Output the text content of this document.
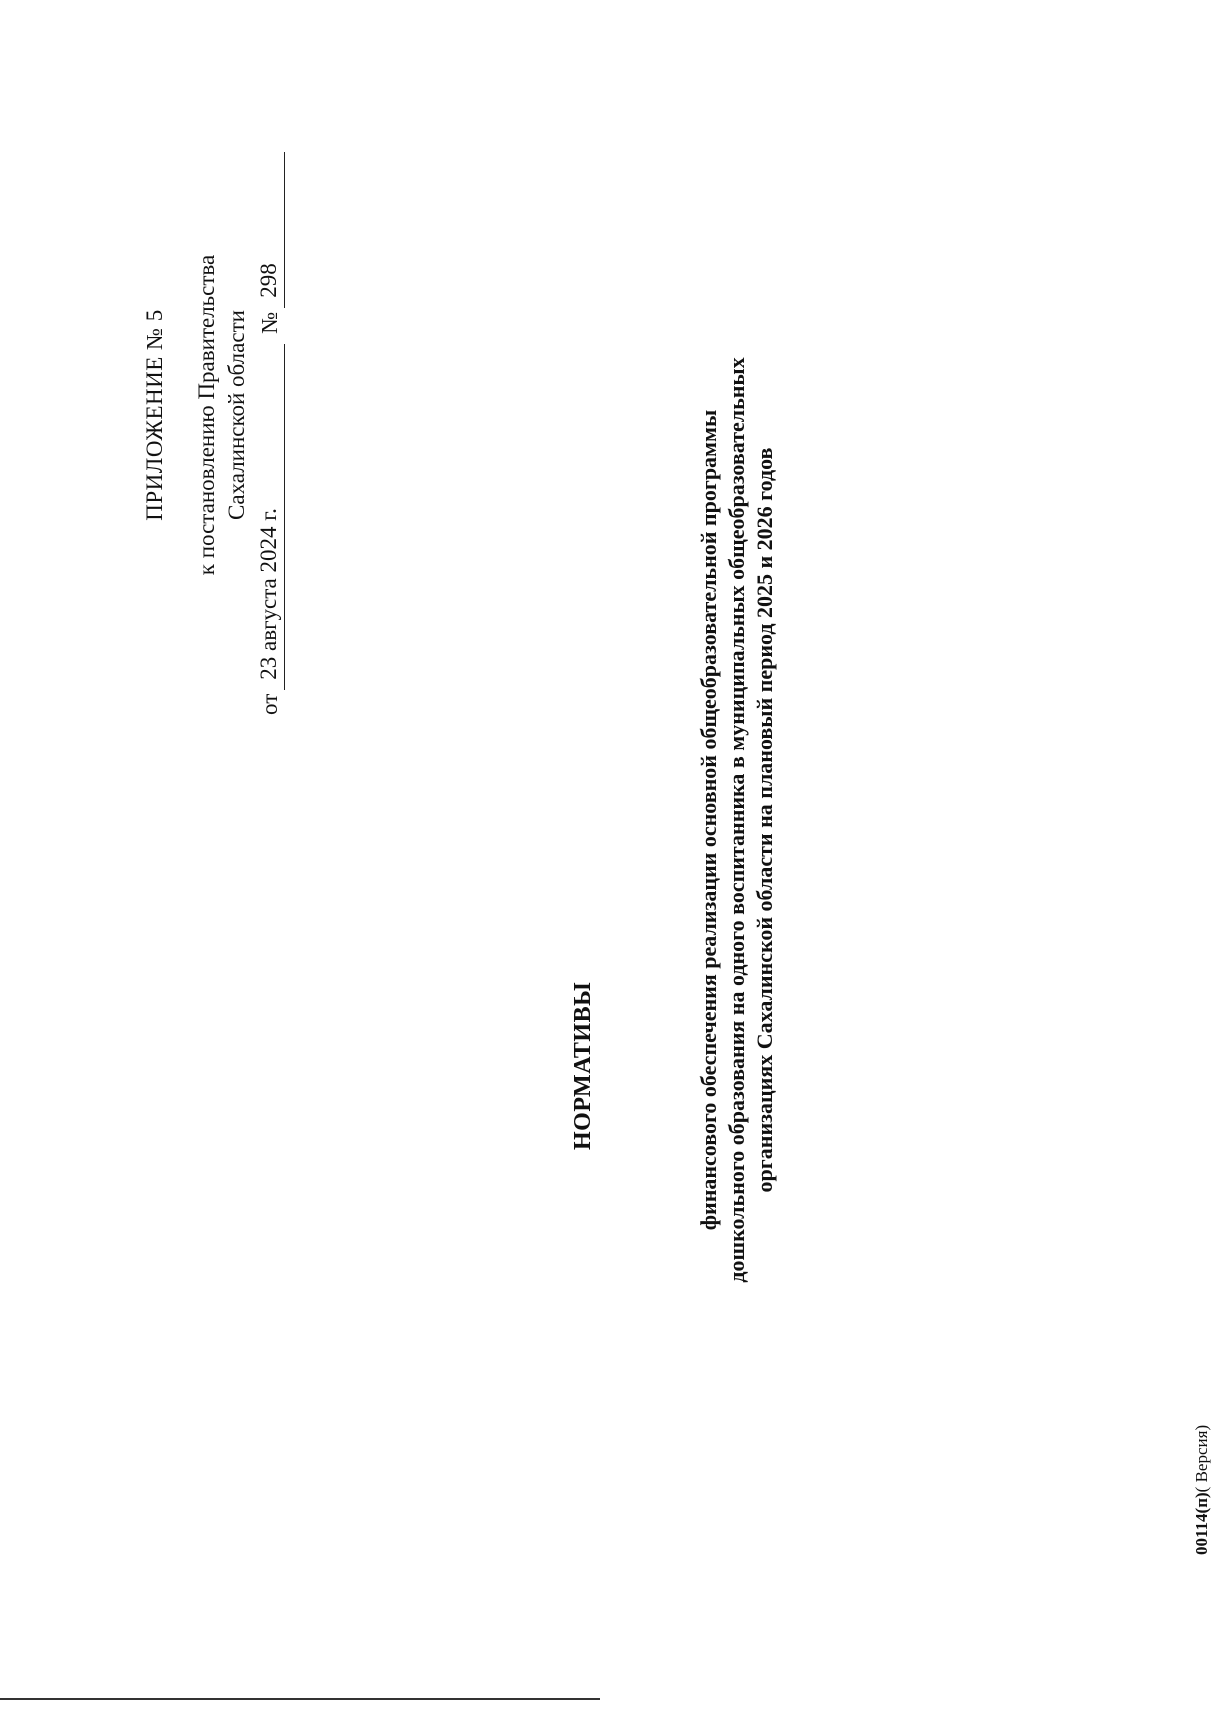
ПРИЛОЖЕНИЕ № 5 к постановлению Правительства Сахалинской области
от
23 августа 2024 г.
№
298
НОРМАТИВЫ	финансового обеспечения реализации основной общеобразовательной программы дошкольного образования на одного воспитанника в муниципальных общеобразовательных организациях Сахалинской области на плановый период 2025 и 2026 годов
00114(п)( Версия)
